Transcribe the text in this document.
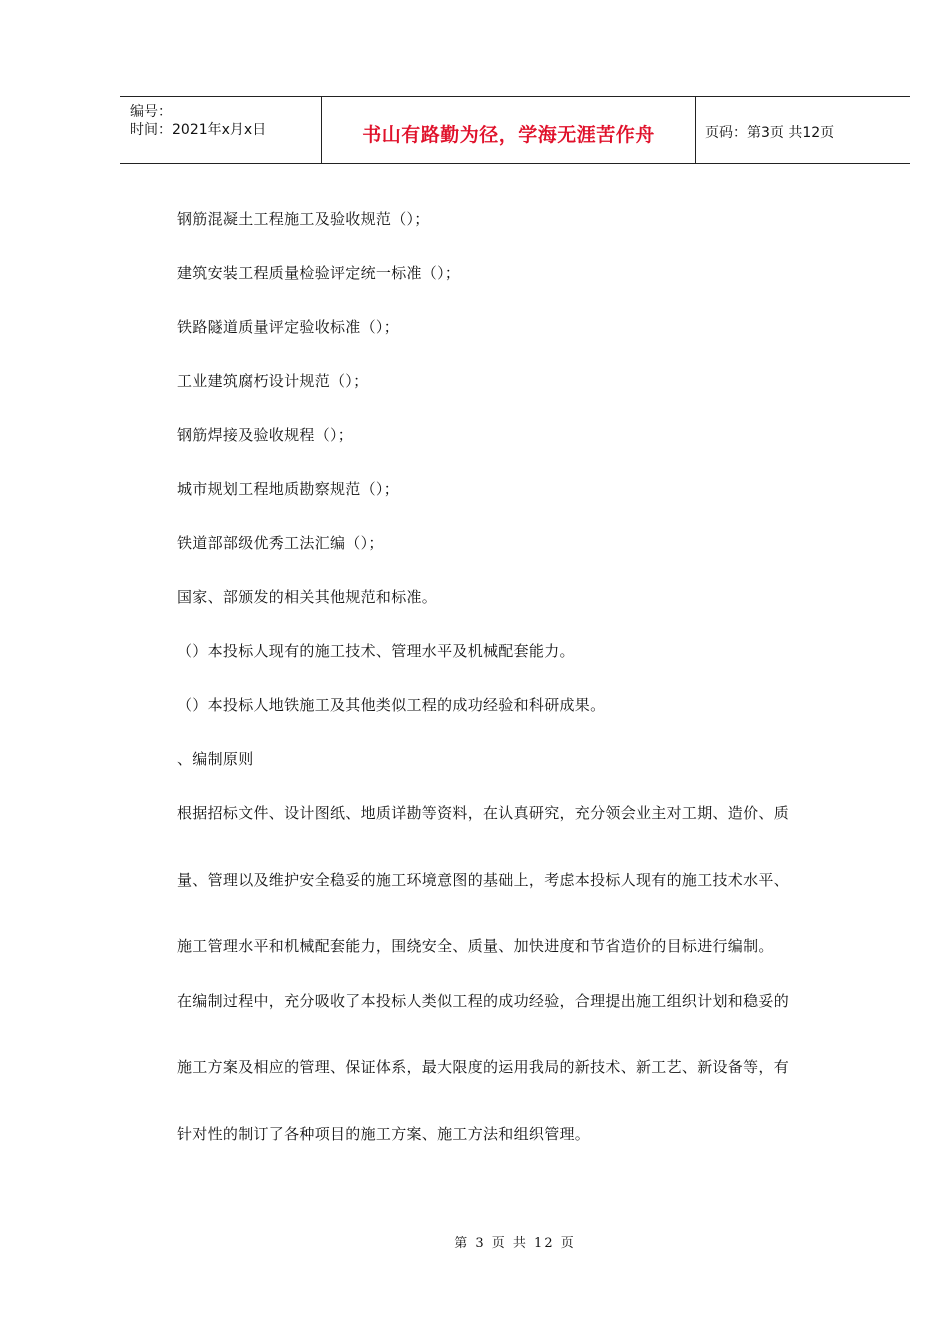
编号：
时间：2021年x月x日	书山有路勤为径，学海无涯苦作舟	页码：第3页 共12页
钢筋混凝土工程施工及验收规范（）；
建筑安装工程质量检验评定统一标准（）；
铁路隧道质量评定验收标准（）；
工业建筑腐朽设计规范（）；
钢筋焊接及验收规程（）；
城市规划工程地质勘察规范（）；
铁道部部级优秀工法汇编（）；
国家、部颁发的相关其他规范和标准。
（）本投标人现有的施工技术、管理水平及机械配套能力。
（）本投标人地铁施工及其他类似工程的成功经验和科研成果。
、编制原则
根据招标文件、设计图纸、地质详勘等资料，在认真研究，充分领会业主对工期、造价、质
量、管理以及维护安全稳妥的施工环境意图的基础上，考虑本投标人现有的施工技术水平、
施工管理水平和机械配套能力，围绕安全、质量、加快进度和节省造价的目标进行编制。
在编制过程中，充分吸收了本投标人类似工程的成功经验，合理提出施工组织计划和稳妥的
施工方案及相应的管理、保证体系，最大限度的运用我局的新技术、新工艺、新设备等，有
针对性的制订了各种项目的施工方案、施工方法和组织管理。
第 3 页 共 12 页
